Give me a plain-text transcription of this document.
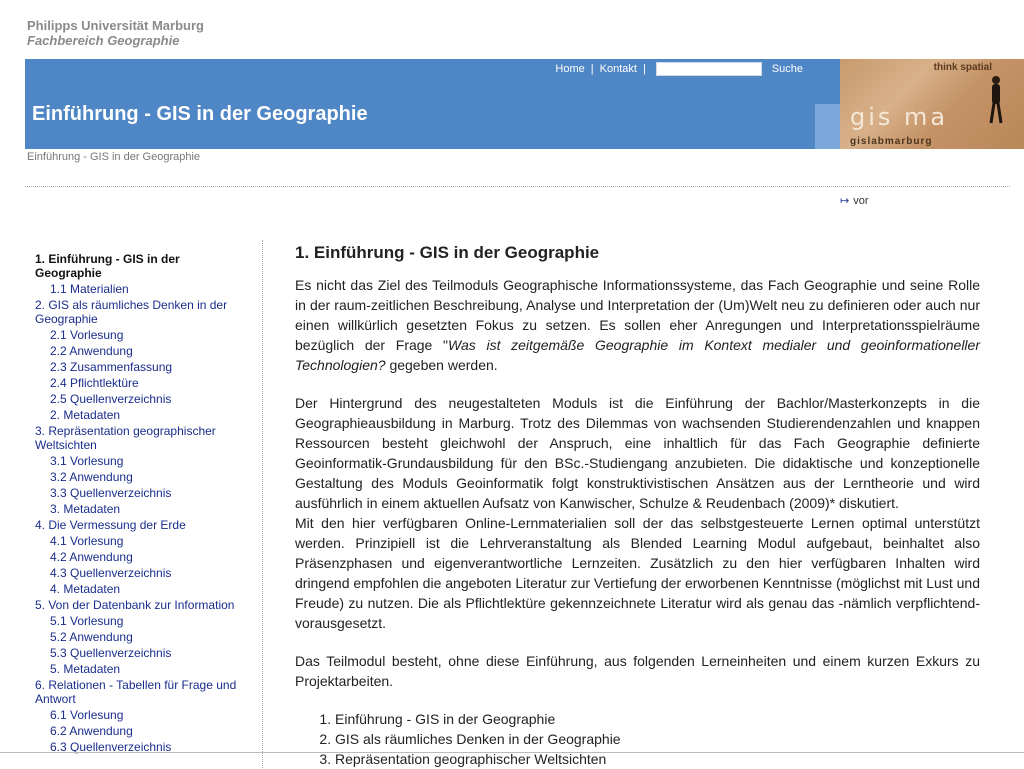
Philipps Universität Marburg
Fachbereich Geographie
Home | Kontakt |	Suche
Einführung - GIS in der Geographie
think spatial
gis ma
gislabmarburg
Einführung - GIS in der Geographie
↦ vor
1. Einführung - GIS in der Geographie
1.1 Materialien
2. GIS als räumliches Denken in der Geographie
2.1 Vorlesung
2.2 Anwendung
2.3 Zusammenfassung
2.4 Pflichtlektüre
2.5 Quellenverzeichnis
2. Metadaten
3. Repräsentation geographischer Weltsichten
3.1 Vorlesung
3.2 Anwendung
3.3 Quellenverzeichnis
3. Metadaten
4. Die Vermessung der Erde
4.1 Vorlesung
4.2 Anwendung
4.3 Quellenverzeichnis
4. Metadaten
5. Von der Datenbank zur Information
5.1 Vorlesung
5.2 Anwendung
5.3 Quellenverzeichnis
5. Metadaten
6. Relationen - Tabellen für Frage und Antwort
6.1 Vorlesung
6.2 Anwendung
6.3 Quellenverzeichnis
1. Einführung - GIS in der Geographie

Es nicht das Ziel des Teilmoduls Geographische Informationssysteme, das Fach Geographie und seine Rolle in der raum-zeitlichen Beschreibung, Analyse und Interpretation der (Um)Welt neu zu definieren oder auch nur einen willkürlich gesetzten Fokus zu setzen. Es sollen eher Anregungen und Interpretationsspielräume bezüglich der Frage "Was ist zeitgemäße Geographie im Kontext medialer und geoinformationeller Technologien? gegeben werden.

Der Hintergrund des neugestalteten Moduls ist die Einführung der Bachlor/Masterkonzepts in die Geographieausbildung in Marburg. Trotz des Dilemmas von wachsenden Studierendenzahlen und knappen Ressourcen besteht gleichwohl der Anspruch, eine inhaltlich für das Fach Geographie definierte Geoinformatik-Grundausbildung für den BSc.-Studiengang anzubieten. Die didaktische und konzeptionelle Gestaltung des Moduls Geoinformatik folgt konstruktivistischen Ansätzen aus der Lerntheorie und wird ausführlich in einem aktuellen Aufsatz von Kanwischer, Schulze & Reudenbach (2009)* diskutiert.
Mit den hier verfügbaren Online-Lernmaterialien soll der das selbstgesteuerte Lernen optimal unterstützt werden. Prinzipiell ist die Lehrveranstaltung als Blended Learning Modul aufgebaut, beinhaltet also Präsenzphasen und eigenverantwortliche Lernzeiten. Zusätzlich zu den hier verfügbaren Inhalten wird dringend empfohlen die angeboten Literatur zur Vertiefung der erworbenen Kenntnisse (möglichst mit Lust und Freude) zu nutzen. Die als Pflichtlektüre gekennzeichnete Literatur wird als genau das -nämlich verpflichtend- vorausgesetzt.

Das Teilmodul besteht, ohne diese Einführung, aus folgenden Lerneinheiten und einem kurzen Exkurs zu Projektarbeiten.

1. Einführung - GIS in der Geographie
2. GIS als räumliches Denken in der Geographie
3. Repräsentation geographischer Weltsichten
